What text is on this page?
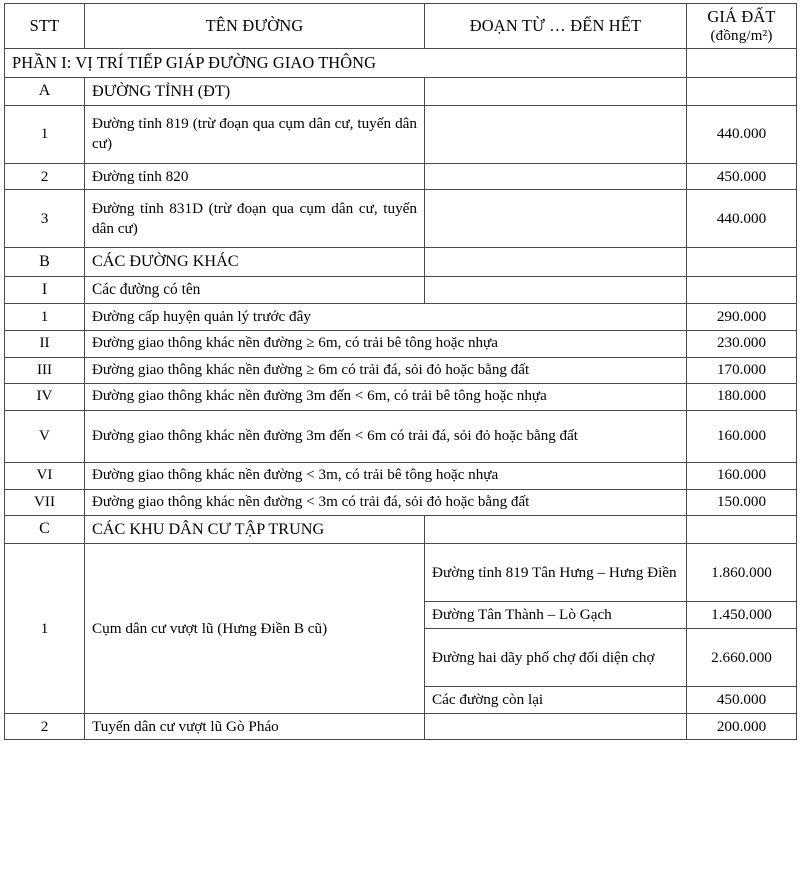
STT	TÊN ĐƯỜNG	ĐOẠN TỪ … ĐẾN HẾT	GIÁ ĐẤT
(đồng/m²)

PHẦN I: VỊ TRÍ TIẾP GIÁP ĐƯỜNG GIAO THÔNG			
A	ĐƯỜNG TỈNH (ĐT)		
1	Đường tỉnh 819 (trừ đoạn qua cụm dân cư, tuyến dân cư)		440.000
2	Đường tỉnh 820		450.000
3	Đường tỉnh 831D (trừ đoạn qua cụm dân cư, tuyến dân cư)		440.000
B	CÁC ĐƯỜNG KHÁC		
I	Các đường có tên		
1	Đường cấp huyện quản lý trước đây		290.000
II	Đường giao thông khác nền đường ≥ 6m, có trải bê tông hoặc nhựa		230.000
III	Đường giao thông khác nền đường ≥ 6m có trải đá, sỏi đỏ hoặc bằng đất		170.000
IV	Đường giao thông khác nền đường 3m đến < 6m, có trải bê tông hoặc nhựa		180.000
V	Đường giao thông khác nền đường 3m đến < 6m có trải đá, sỏi đỏ hoặc bằng đất		160.000
VI	Đường giao thông khác nền đường < 3m, có trải bê tông hoặc nhựa		160.000
VII	Đường giao thông khác nền đường < 3m có trải đá, sỏi đỏ hoặc bằng đất		150.000
C	CÁC KHU DÂN CƯ TẬP TRUNG		
1	Cụm dân cư vượt lũ (Hưng Điền B cũ)	Đường tỉnh 819 Tân Hưng – Hưng Điền	1.860.000
		Đường Tân Thành – Lò Gạch	1.450.000
		Đường hai dãy phố chợ đối diện chợ	2.660.000
		Các đường còn lại	450.000
2	Tuyến dân cư vượt lũ Gò Pháo		200.000
